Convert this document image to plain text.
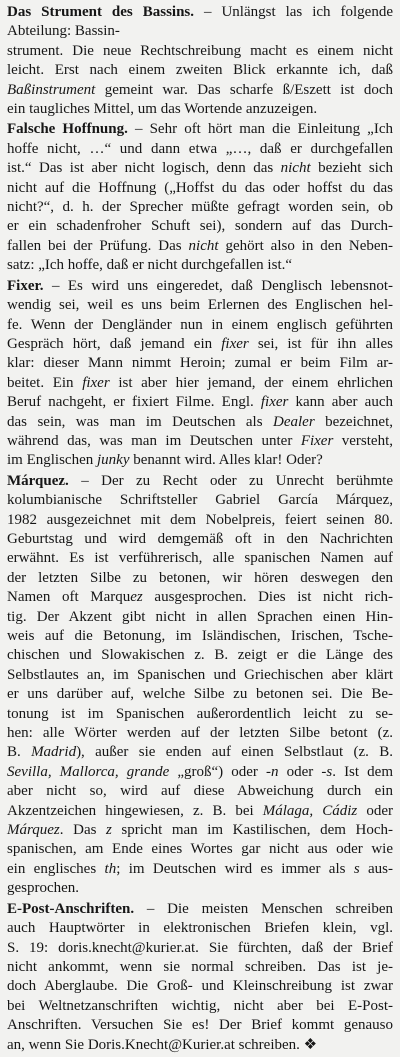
Das Strument des Bassins. – Unlängst las ich folgende
Abteilung: Bassin-
strument. Die neue Rechtschreibung macht es einem nicht
leicht. Erst nach einem zweiten Blick erkannte ich, daß
Baßinstrument gemeint war. Das scharfe ß/Eszett ist doch
ein taugliches Mittel, um das Wortende anzuzeigen.
Falsche Hoffnung. – Sehr oft hört man die Einleitung „Ich
hoffe nicht, …“ und dann etwa „…, daß er durchgefallen
ist.“ Das ist aber nicht logisch, denn das nicht bezieht sich
nicht auf die Hoffnung („Hoffst du das oder hoffst du das
nicht?“, d. h. der Sprecher müßte gefragt worden sein, ob
er ein schadenfroher Schuft sei), sondern auf das Durch-
fallen bei der Prüfung. Das nicht gehört also in den Neben-
satz: „Ich hoffe, daß er nicht durchgefallen ist.“
Fixer. – Es wird uns eingeredet, daß Denglisch lebensnot-
wendig sei, weil es uns beim Erlernen des Englischen hel-
fe. Wenn der Dengländer nun in einem englisch geführten
Gespräch hört, daß jemand ein fixer sei, ist für ihn alles
klar: dieser Mann nimmt Heroin; zumal er beim Film ar-
beitet. Ein fixer ist aber hier jemand, der einem ehrlichen
Beruf nachgeht, er fixiert Filme. Engl. fixer kann aber auch
das sein, was man im Deutschen als Dealer bezeichnet,
während das, was man im Deutschen unter Fixer versteht,
im Englischen junky benannt wird. Alles klar! Oder?
Márquez. – Der zu Recht oder zu Unrecht berühmte
kolumbianische Schriftsteller Gabriel García Márquez,
1982 ausgezeichnet mit dem Nobelpreis, feiert seinen 80.
Geburtstag und wird demgemäß oft in den Nachrichten
erwähnt. Es ist verführerisch, alle spanischen Namen auf
der letzten Silbe zu betonen, wir hören deswegen den
Namen oft Marquez ausgesprochen. Dies ist nicht rich-
tig. Der Akzent gibt nicht in allen Sprachen einen Hin-
weis auf die Betonung, im Isländischen, Irischen, Tsche-
chischen und Slowakischen z. B. zeigt er die Länge des
Selbstlautes an, im Spanischen und Griechischen aber klärt
er uns darüber auf, welche Silbe zu betonen sei. Die Be-
tonung ist im Spanischen außerordentlich leicht zu se-
hen: alle Wörter werden auf der letzten Silbe betont (z.
B. Madrid), außer sie enden auf einen Selbstlaut (z. B.
Sevilla, Mallorca, grande „groß“) oder -n oder -s. Ist dem
aber nicht so, wird auf diese Abweichung durch ein
Akzentzeichen hingewiesen, z. B. bei Málaga, Cádiz oder
Márquez. Das z spricht man im Kastilischen, dem Hoch-
spanischen, am Ende eines Wortes gar nicht aus oder wie
ein englisches th; im Deutschen wird es immer als s aus-
gesprochen.
E-Post-Anschriften. – Die meisten Menschen schreiben
auch Hauptwörter in elektronischen Briefen klein, vgl.
S. 19: doris.knecht@kurier.at. Sie fürchten, daß der Brief
nicht ankommt, wenn sie normal schreiben. Das ist je-
doch Aberglaube. Die Groß- und Kleinschreibung ist zwar
bei Weltnetzanschriften wichtig, nicht aber bei E-Post-
Anschriften. Versuchen Sie es! Der Brief kommt genauso
an, wenn Sie Doris.Knecht@Kurier.at schreiben. ❖
